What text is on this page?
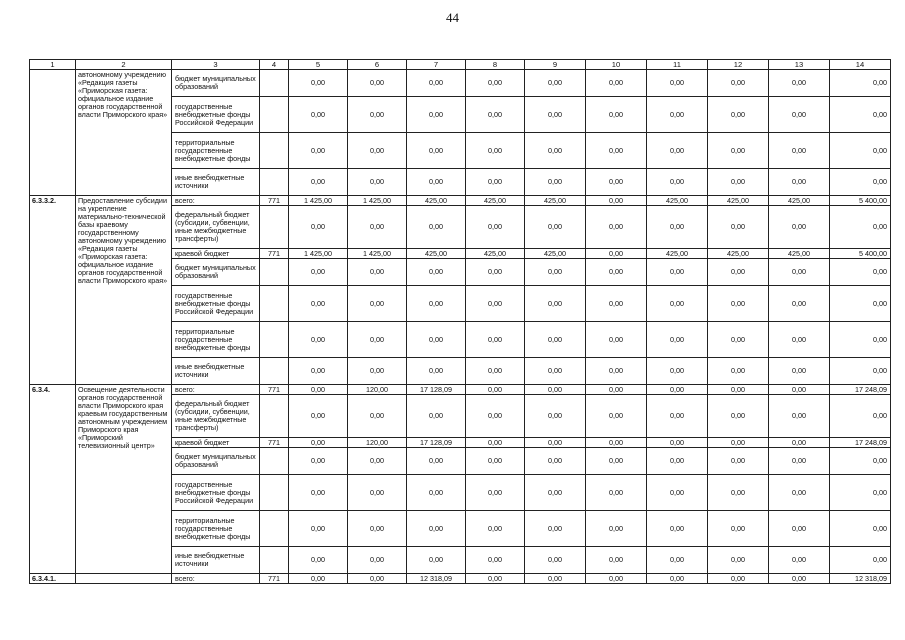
44
1	2	3	4	5	6	7	8	9	10	11	12	13	14
	автономному учреждению «Редакция газеты «Приморская газета: официальное издание органов государственной власти Приморского края»	бюджет муниципальных образований		0,00	0,00	0,00	0,00	0,00	0,00	0,00	0,00	0,00	0,00
		государственные внебюджетные фонды Российской Федерации		0,00	0,00	0,00	0,00	0,00	0,00	0,00	0,00	0,00	0,00
		территориальные государственные внебюджетные фонды		0,00	0,00	0,00	0,00	0,00	0,00	0,00	0,00	0,00	0,00
		иные внебюджетные источники		0,00	0,00	0,00	0,00	0,00	0,00	0,00	0,00	0,00	0,00
6.3.3.2.	Предоставление субсидии на укрепление материально-технической базы краевому государственному автономному учреждению «Редакция газеты «Приморская газета: официальное издание органов государственной власти Приморского края»	всего:	771	1 425,00	1 425,00	425,00	425,00	425,00	0,00	425,00	425,00	425,00	5 400,00
		федеральный бюджет (субсидии, субвенции, иные межбюджетные трансферты)		0,00	0,00	0,00	0,00	0,00	0,00	0,00	0,00	0,00	0,00
		краевой бюджет	771	1 425,00	1 425,00	425,00	425,00	425,00	0,00	425,00	425,00	425,00	5 400,00
		бюджет муниципальных образований		0,00	0,00	0,00	0,00	0,00	0,00	0,00	0,00	0,00	0,00
		государственные внебюджетные фонды Российской Федерации		0,00	0,00	0,00	0,00	0,00	0,00	0,00	0,00	0,00	0,00
		территориальные государственные внебюджетные фонды		0,00	0,00	0,00	0,00	0,00	0,00	0,00	0,00	0,00	0,00
		иные внебюджетные источники		0,00	0,00	0,00	0,00	0,00	0,00	0,00	0,00	0,00	0,00
6.3.4.	Освещение деятельности органов государственной власти Приморского края краевым государственным автономным учреждением Приморского края «Приморский телевизионный центр»	всего:	771	0,00	120,00	17 128,09	0,00	0,00	0,00	0,00	0,00	0,00	17 248,09
		федеральный бюджет (субсидии, субвенции, иные межбюджетные трансферты)		0,00	0,00	0,00	0,00	0,00	0,00	0,00	0,00	0,00	0,00
		краевой бюджет	771	0,00	120,00	17 128,09	0,00	0,00	0,00	0,00	0,00	0,00	17 248,09
		бюджет муниципальных образований		0,00	0,00	0,00	0,00	0,00	0,00	0,00	0,00	0,00	0,00
		государственные внебюджетные фонды Российской Федерации		0,00	0,00	0,00	0,00	0,00	0,00	0,00	0,00	0,00	0,00
		территориальные государственные внебюджетные фонды		0,00	0,00	0,00	0,00	0,00	0,00	0,00	0,00	0,00	0,00
		иные внебюджетные источники		0,00	0,00	0,00	0,00	0,00	0,00	0,00	0,00	0,00	0,00
6.3.4.1.		всего:	771	0,00	0,00	12 318,09	0,00	0,00	0,00	0,00	0,00	0,00	12 318,09
